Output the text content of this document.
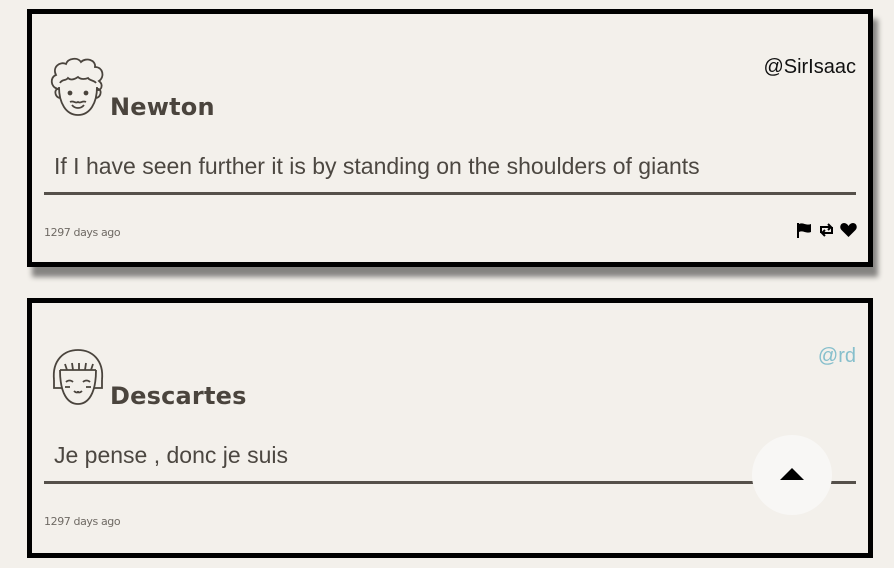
Newton
@SirIsaac
If I have seen further it is by standing on the shoulders of giants
1297 days ago
Descartes
@rd
Je pense , donc je suis
1297 days ago
